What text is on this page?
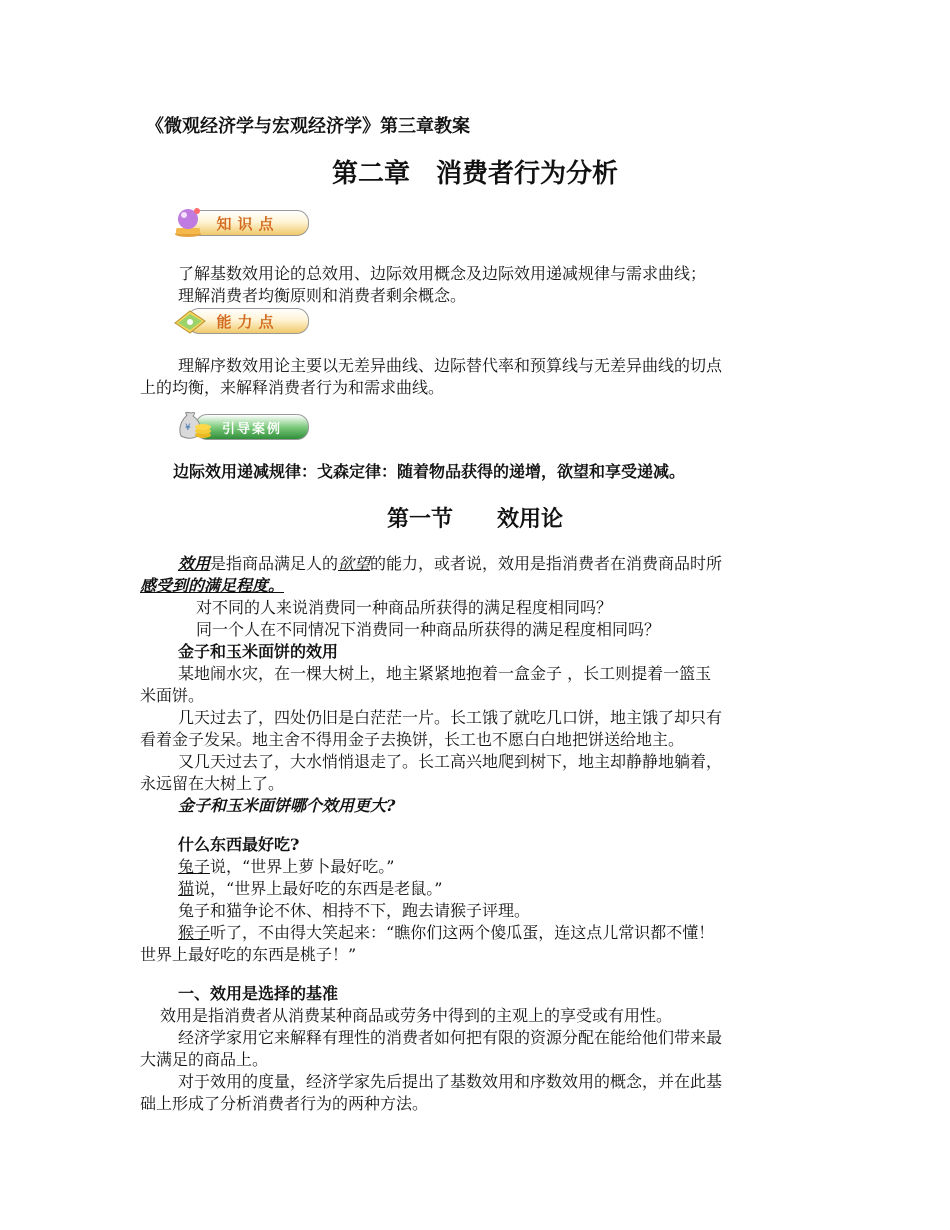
《微观经济学与宏观经济学》第三章教案
第二章　消费者行为分析
知识点
了解基数效用论的总效用、边际效用概念及边际效用递减规律与需求曲线；
理解消费者均衡原则和消费者剩余概念。
能力点
理解序数效用论主要以无差异曲线、边际替代率和预算线与无差异曲线的切点
上的均衡，来解释消费者行为和需求曲线。
引导案例
¥
边际效用递减规律：戈森定律：随着物品获得的递增，欲望和享受递减。
第一节　　效用论
效用是指商品满足人的欲望的能力，或者说，效用是指消费者在消费商品时所
感受到的满足程度。
对不同的人来说消费同一种商品所获得的满足程度相同吗？
同一个人在不同情况下消费同一种商品所获得的满足程度相同吗？
金子和玉米面饼的效用
某地闹水灾，在一棵大树上，地主紧紧地抱着一盒金子 ，长工则提着一篮玉
米面饼。
几天过去了，四处仍旧是白茫茫一片。长工饿了就吃几口饼，地主饿了却只有
看着金子发呆。地主舍不得用金子去换饼，长工也不愿白白地把饼送给地主。
又几天过去了，大水悄悄退走了。长工高兴地爬到树下，地主却静静地躺着，
永远留在大树上了。
金子和玉米面饼哪个效用更大?
什么东西最好吃?
兔子说，“世界上萝卜最好吃。”
猫说，“世界上最好吃的东西是老鼠。”
兔子和猫争论不休、相持不下，跑去请猴子评理。
猴子听了，不由得大笑起来：“瞧你们这两个傻瓜蛋，连这点儿常识都不懂！
世界上最好吃的东西是桃子！”
一、效用是选择的基准
效用是指消费者从消费某种商品或劳务中得到的主观上的享受或有用性。
经济学家用它来解释有理性的消费者如何把有限的资源分配在能给他们带来最
大满足的商品上。
对于效用的度量，经济学家先后提出了基数效用和序数效用的概念，并在此基
础上形成了分析消费者行为的两种方法。
